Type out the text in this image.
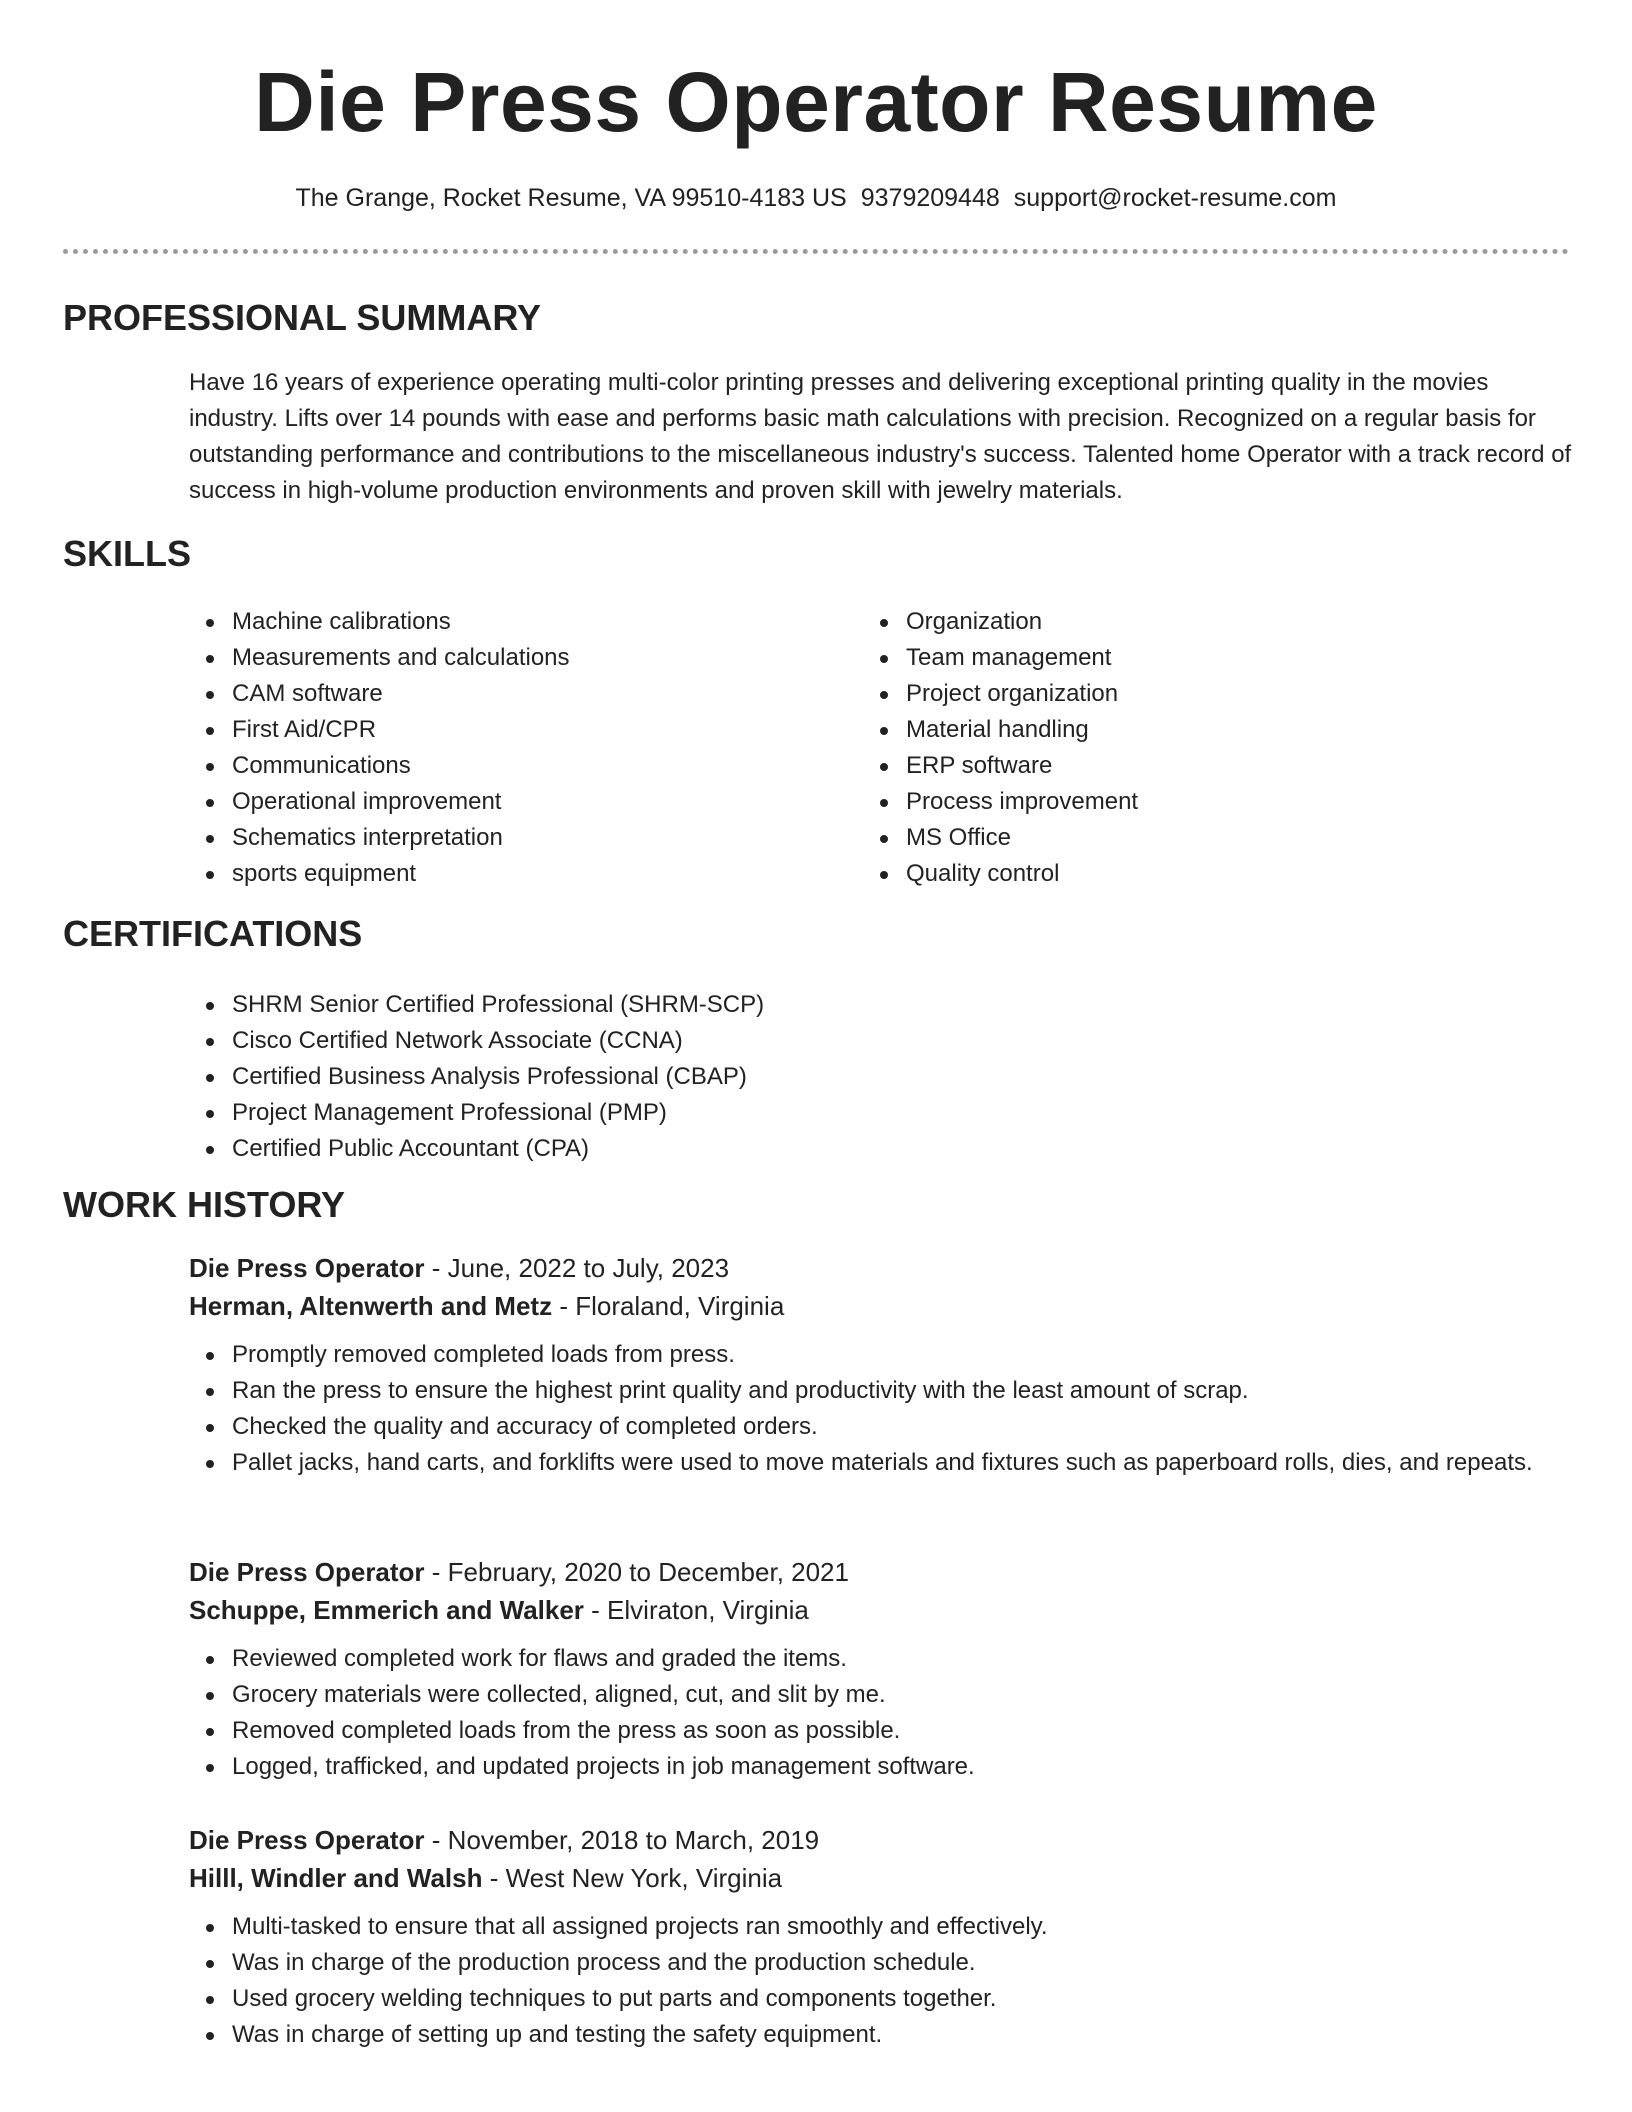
Die Press Operator Resume
The Grange, Rocket Resume, VA 99510-4183 US 9379209448 support@rocket-resume.com
PROFESSIONAL SUMMARY

Have 16 years of experience operating multi-color printing presses and delivering exceptional printing quality in the movies industry. Lifts over 14 pounds with ease and performs basic math calculations with precision. Recognized on a regular basis for outstanding performance and contributions to the miscellaneous industry's success. Talented home Operator with a track record of success in high-volume production environments and proven skill with jewelry materials.

SKILLS
Machine calibrations
Measurements and calculations
CAM software
First Aid/CPR
Communications
Operational improvement
Schematics interpretation
sports equipment
Organization
Team management
Project organization
Material handling
ERP software
Process improvement
MS Office
Quality control
CERTIFICATIONS
SHRM Senior Certified Professional (SHRM-SCP)
Cisco Certified Network Associate (CCNA)
Certified Business Analysis Professional (CBAP)
Project Management Professional (PMP)
Certified Public Accountant (CPA)
WORK HISTORY
Die Press Operator - June, 2022 to July, 2023
Herman, Altenwerth and Metz - Floraland, Virginia
Promptly removed completed loads from press.
Ran the press to ensure the highest print quality and productivity with the least amount of scrap.
Checked the quality and accuracy of completed orders.
Pallet jacks, hand carts, and forklifts were used to move materials and fixtures such as paperboard rolls, dies, and repeats.
Die Press Operator - February, 2020 to December, 2021
Schuppe, Emmerich and Walker - Elviraton, Virginia
Reviewed completed work for flaws and graded the items.
Grocery materials were collected, aligned, cut, and slit by me.
Removed completed loads from the press as soon as possible.
Logged, trafficked, and updated projects in job management software.
Die Press Operator - November, 2018 to March, 2019
Hilll, Windler and Walsh - West New York, Virginia
Multi-tasked to ensure that all assigned projects ran smoothly and effectively.
Was in charge of the production process and the production schedule.
Used grocery welding techniques to put parts and components together.
Was in charge of setting up and testing the safety equipment.
